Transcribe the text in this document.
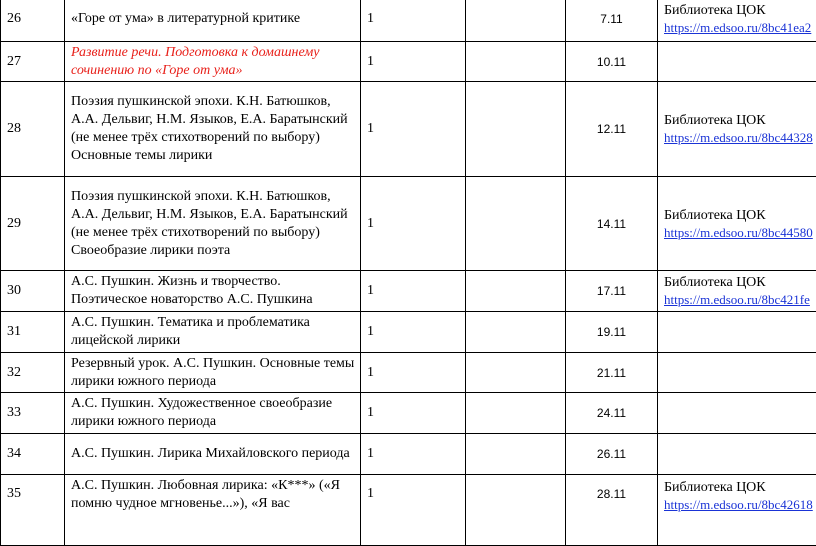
26	«Горе от ума» в литературной критике	1		7.11	Библиотека ЦОК
https://m.edsoo.ru/8bc41ea2

27	Развитие речи. Подготовка к домашнему сочинению по «Горе от ума»	1		10.11	
28	Поэзия пушкинской эпохи. К.Н. Батюшков, А.А. Дельвиг, Н.М. Языков, Е.А. Баратынский (не менее трёх стихотворений по выбору) Основные темы лирики	1		12.11	Библиотека ЦОК
https://m.edsoo.ru/8bc44328

29	Поэзия пушкинской эпохи. К.Н. Батюшков, А.А. Дельвиг, Н.М. Языков, Е.А. Баратынский (не менее трёх стихотворений по выбору) Своеобразие лирики поэта	1		14.11	Библиотека ЦОК
https://m.edsoo.ru/8bc44580

30	А.С. Пушкин. Жизнь и творчество. Поэтическое новаторство А.С. Пушкина	1		17.11	Библиотека ЦОК
https://m.edsoo.ru/8bc421fe

31	А.С. Пушкин. Тематика и проблематика лицейской лирики	1		19.11	
32	Резервный урок. А.С. Пушкин. Основные темы лирики южного периода	1		21.11	
33	А.С. Пушкин. Художественное своеобразие лирики южного периода	1		24.11	
34	А.С. Пушкин. Лирика Михайловского периода	1		26.11	
35	А.С. Пушкин. Любовная лирика: «К***» («Я помню чудное мгновенье...»), «Я вас	1		28.11	Библиотека ЦОК
https://m.edsoo.ru/8bc42618
